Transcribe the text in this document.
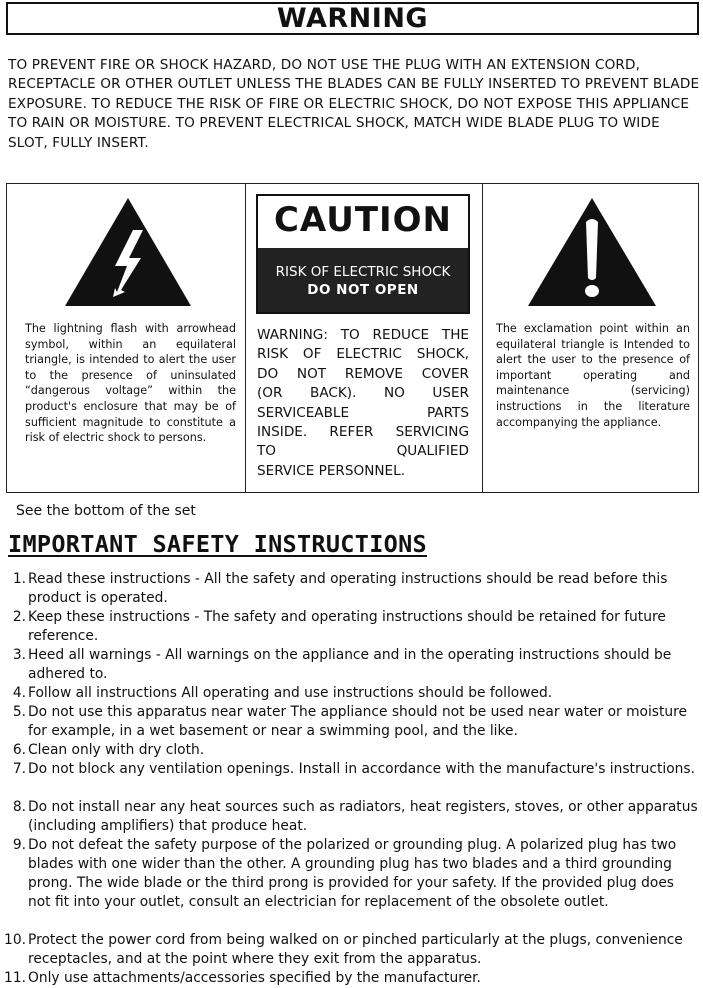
WARNING
TO PREVENT FIRE OR SHOCK HAZARD, DO NOT USE THE PLUG WITH AN EXTENSION CORD, RECEPTACLE OR OTHER OUTLET UNLESS THE BLADES CAN BE FULLY INSERTED TO PREVENT BLADE EXPOSURE. TO REDUCE THE RISK OF FIRE OR ELECTRIC SHOCK, DO NOT EXPOSE THIS APPLIANCE TO RAIN OR MOISTURE. TO PREVENT ELECTRICAL SHOCK, MATCH WIDE BLADE PLUG TO WIDE SLOT, FULLY INSERT.
The lightning flash with arrowhead symbol, within an equilateral triangle, is intended to alert the user to the presence of uninsulated “dangerous voltage” within the product's enclosure that may be of sufficient magnitude to constitute a risk of electric shock to persons.
CAUTION
RISK OF ELECTRIC SHOCK
DO NOT OPEN
WARNING: TO REDUCE THE
RISK OF ELECTRIC SHOCK,
DO NOT REMOVE COVER
(OR BACK). NO USER
SERVICEABLE PARTS
INSIDE. REFER SERVICING
TO QUALIFIED
SERVICE PERSONNEL.
The exclamation point within an equilateral triangle is Intended to alert the user to the presence of important operating and maintenance (servicing) instructions in the literature accompanying the appliance.
See the bottom of the set
IMPORTANT SAFETY INSTRUCTIONS
1. Read these instructions - All the safety and operating instructions should be read before this product is operated.
2. Keep these instructions - The safety and operating instructions should be retained for future reference.
3. Heed all warnings - All warnings on the appliance and in the operating instructions should be adhered to.
4. Follow all instructions All operating and use instructions should be followed.
5. Do not use this apparatus near water The appliance should not be used near water or moisture for example, in a wet basement or near a swimming pool, and the like.
6. Clean only with dry cloth.
7. Do not block any ventilation openings. Install in accordance with the manufacture's instructions.
8. Do not install near any heat sources such as radiators, heat registers, stoves, or other apparatus (including amplifiers) that produce heat.
9. Do not defeat the safety purpose of the polarized or grounding plug. A polarized plug has two blades with one wider than the other. A grounding plug has two blades and a third grounding prong. The wide blade or the third prong is provided for your safety. If the provided plug does not fit into your outlet, consult an electrician for replacement of the obsolete outlet.
10. Protect the power cord from being walked on or pinched particularly at the plugs, convenience receptacles, and at the point where they exit from the apparatus.
11. Only use attachments/accessories specified by the manufacturer.
